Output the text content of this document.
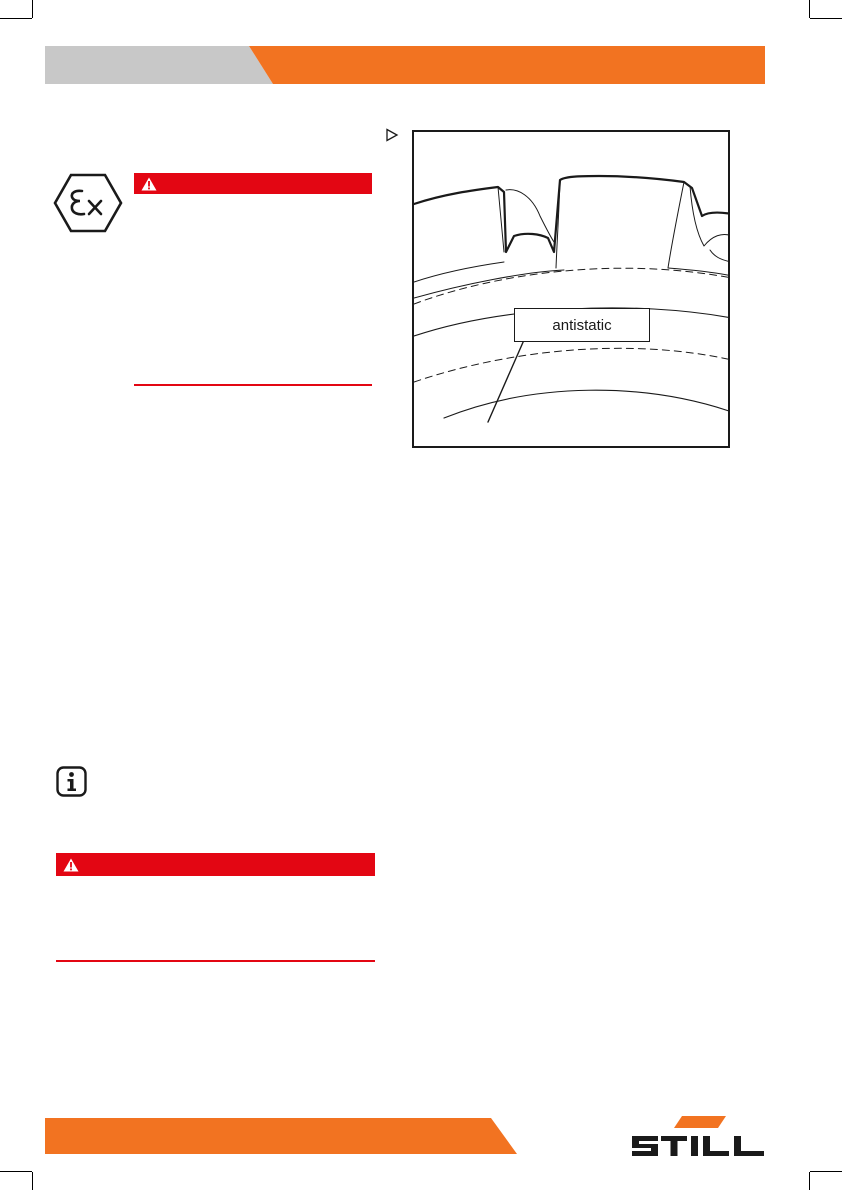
antistatic
